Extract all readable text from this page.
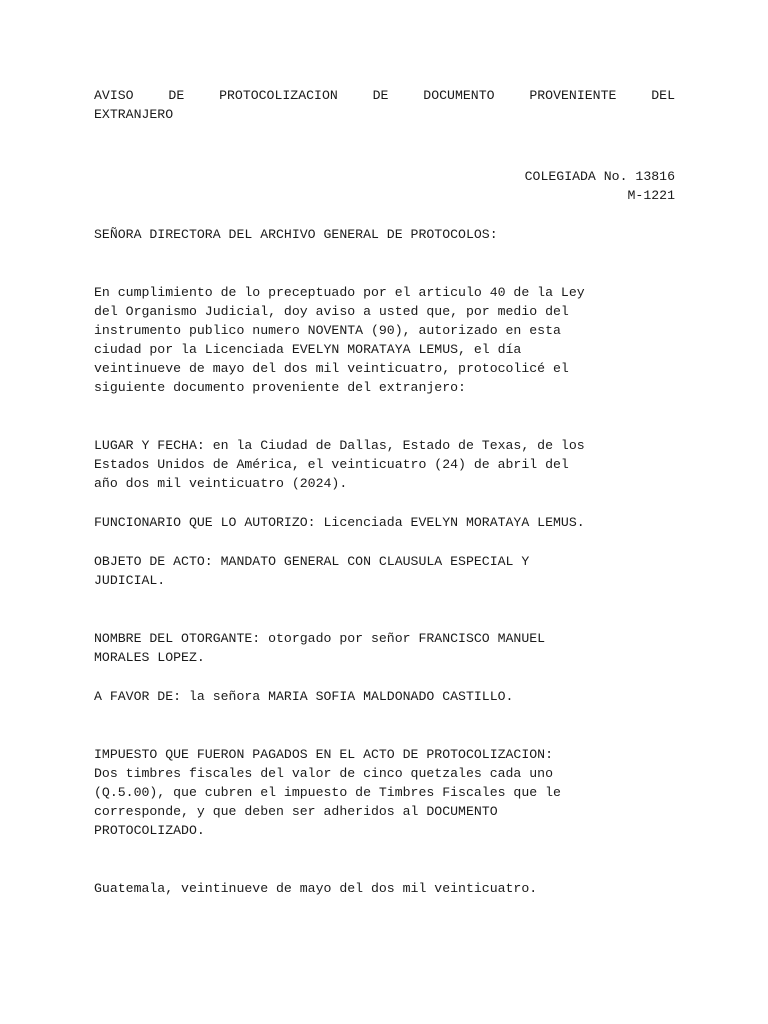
AVISO DE PROTOCOLIZACION DE DOCUMENTO PROVENIENTE DEL
EXTRANJERO
COLEGIADA No. 13816
M-1221

SEÑORA DIRECTORA DEL ARCHIVO GENERAL DE PROTOCOLOS:

En cumplimiento de lo preceptuado por el articulo 40 de la Ley
del Organismo Judicial, doy aviso a usted que, por medio del
instrumento publico numero NOVENTA (90), autorizado en esta
ciudad por la Licenciada EVELYN MORATAYA LEMUS, el día
veintinueve de mayo del dos mil veinticuatro, protocolicé el
siguiente documento proveniente del extranjero:
LUGAR Y FECHA: en la Ciudad de Dallas, Estado de Texas, de los
Estados Unidos de América, el veinticuatro (24) de abril del
año dos mil veinticuatro (2024).

FUNCIONARIO QUE LO AUTORIZO: Licenciada EVELYN MORATAYA LEMUS.

OBJETO DE ACTO: MANDATO GENERAL CON CLAUSULA ESPECIAL Y
JUDICIAL.
NOMBRE DEL OTORGANTE: otorgado por señor FRANCISCO MANUEL
MORALES LOPEZ.

A FAVOR DE: la señora MARIA SOFIA MALDONADO CASTILLO.

IMPUESTO QUE FUERON PAGADOS EN EL ACTO DE PROTOCOLIZACION:
Dos timbres fiscales del valor de cinco quetzales cada uno
(Q.5.00), que cubren el impuesto de Timbres Fiscales que le
corresponde, y que deben ser adheridos al DOCUMENTO
PROTOCOLIZADO.

Guatemala, veintinueve de mayo del dos mil veinticuatro.
